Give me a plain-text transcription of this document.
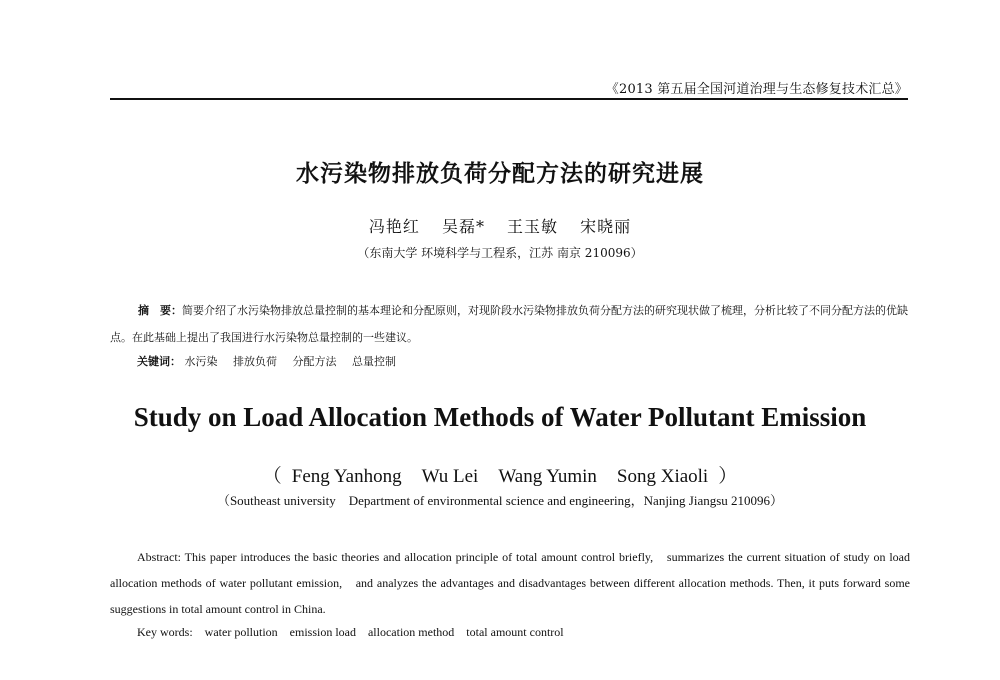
《2013 第五届全国河道治理与生态修复技术汇总》
水污染物排放负荷分配方法的研究进展
冯艳红 吴磊* 王玉敏 宋晓丽
（东南大学 环境科学与工程系，江苏 南京 210096）
摘　要：简要介绍了水污染物排放总量控制的基本理论和分配原则，对现阶段水污染物排放负荷分配方法的研究现状做了梳理，分析比较了不同分配方法的优缺点。在此基础上提出了我国进行水污染物总量控制的一些建议。
关键词： 水污染 排放负荷 分配方法 总量控制
Study on Load Allocation Methods of Water Pollutant Emission
（ Feng Yanhong Wu Lei Wang Yumin Song Xiaoli ）
（Southeast university　Department of environmental science and engineering，Nanjing Jiangsu 210096）
Abstract: This paper introduces the basic theories and allocation principle of total amount control briefly,　summarizes the current situation of study on load allocation methods of water pollutant emission,　and analyzes the advantages and disadvantages between different allocation methods. Then, it puts forward some suggestions in total amount control in China.
Key words: water pollution emission load allocation method total amount control
